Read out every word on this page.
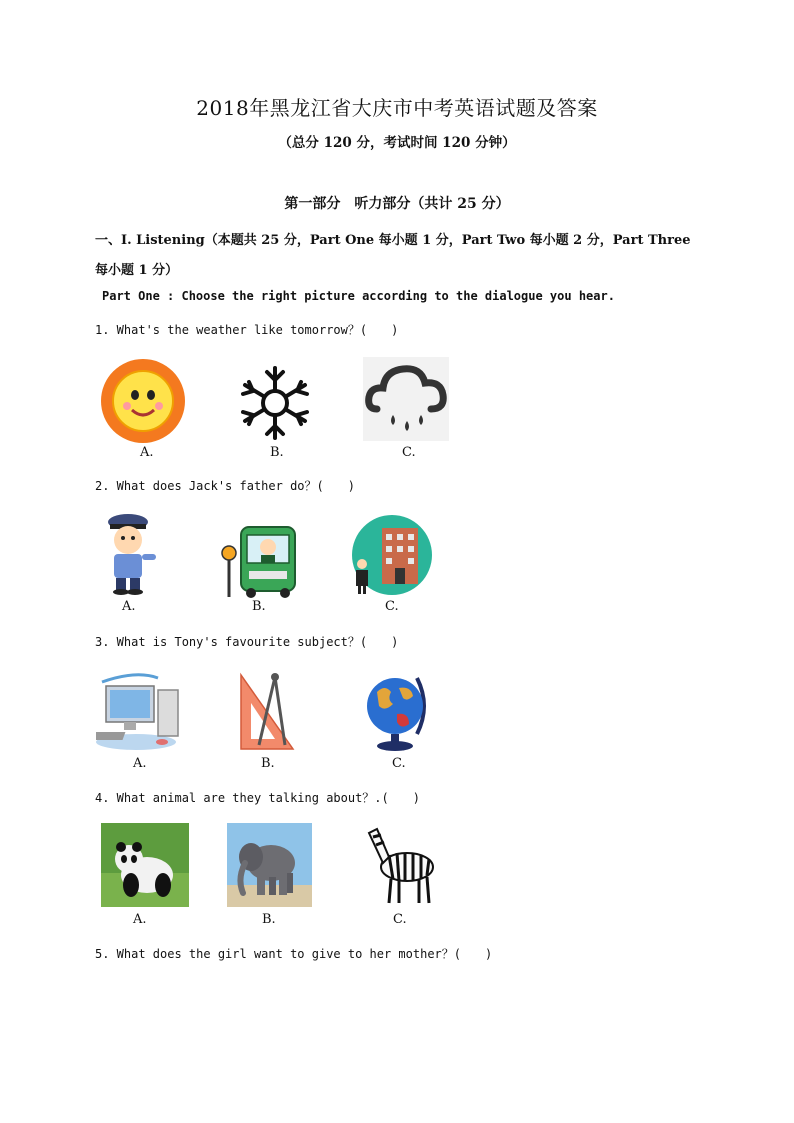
2018年黑龙江省大庆市中考英语试题及答案
（总分 120 分，考试时间 120 分钟）
第一部分　听力部分（共计 25 分）
一、I. Listening（本题共 25 分，Part One 每小题 1 分，Part Two 每小题 2 分，Part Three 每小题 1 分）
Part One : Choose the right picture according to the dialogue you hear.
1. What's the weather like tomorrow？(　　)
A.	B.	C.
2. What does Jack's father do？(　　)
A.	B.	C.
3. What is Tony's favourite subject？(　　)
A.	B.	C.
4. What animal are they talking about？.(　　)
A.	B.	C.
5. What does the girl want to give to her mother？(　　)
